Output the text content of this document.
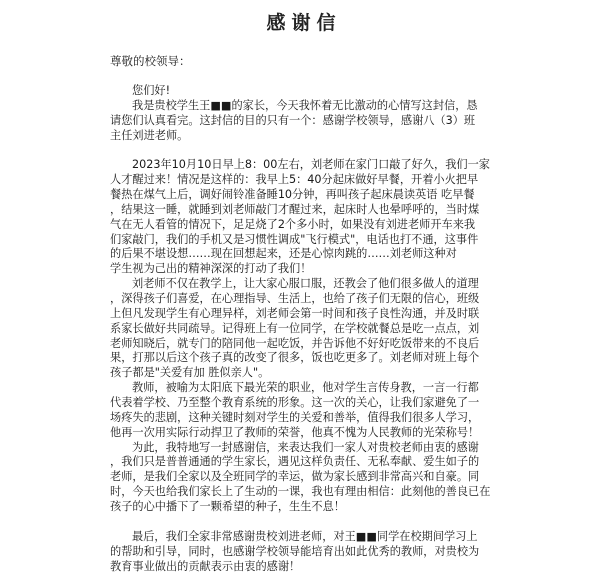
感谢信
尊敬的校领导：
您们好!
我是贵校学生王■■的家长，今天我怀着无比激动的心情写这封信，恳
请您们认真看完。这封信的目的只有一个：感谢学校领导，感谢八（3）班
主任刘进老师。
2023年10月10日早上8：00左右，刘老师在家门口敲了好久，我们一家
人才醒过来！情况是这样的：我早上5：40分起床做好早餐，开着小火把早
餐热在煤气上后，调好闹铃准备睡10分钟，再叫孩子起床晨读英语 吃早餐
，结果这一睡，就睡到刘老师敲门才醒过来，起床时人也晕呼呼的，当时煤
气在无人看管的情况下，足足烧了2个多小时，如果没有刘进老师开车来我
们家敲门，我们的手机又是习惯性调成"飞行模式"，电话也打不通，这事件
的后果不堪设想……现在回想起来，还是心惊肉跳的……刘老师这种对
学生视为己出的精神深深的打动了我们！
刘老师不仅在教学上，让大家心服口服，还教会了他们很多做人的道理
，深得孩子们喜爱，在心理指导、生活上，也给了孩子们无限的信心，班级
上但凡发现学生有心理异样，刘老师会第一时间和孩子良性沟通，并及时联
系家长做好共同疏导。记得班上有一位同学，在学校就餐总是吃一点点，刘
老师知晓后，就专门的陪同他一起吃饭，并告诉他不好好吃饭带来的不良后
果，打那以后这个孩子真的改变了很多，饭也吃更多了。刘老师对班上每个
孩子都是"关爱有加 胜似亲人"。
教师，被喻为太阳底下最光荣的职业，他对学生言传身教，一言一行都
代表着学校、乃至整个教育系统的形象。这一次的关心，让我们家避免了一
场疼失的悲剧，这种关键时刻对学生的关爱和善举，值得我们很多人学习，
他再一次用实际行动捍卫了教师的荣誉，他真不愧为人民教师的光荣称号！
为此，我特地写一封感谢信，来表达我们一家人对贵校老师由衷的感谢
，我们只是普普通通的学生家长，遇见这样负责任、无私奉献、爱生如子的
老师，是我们全家以及全班同学的幸运，做为家长感到非常高兴和自豪。同
时，今天也给我们家长上了生动的一课，我也有理由相信：此刻他的善良已在
孩子的心中播下了一颗希望的种子，生生不息！
最后，我们全家非常感谢贵校刘进老师，对王■■同学在校期间学习上
的帮助和引导，同时，也感谢学校领导能培育出如此优秀的教师，对贵校为
教育事业做出的贡献表示由衷的感谢！
